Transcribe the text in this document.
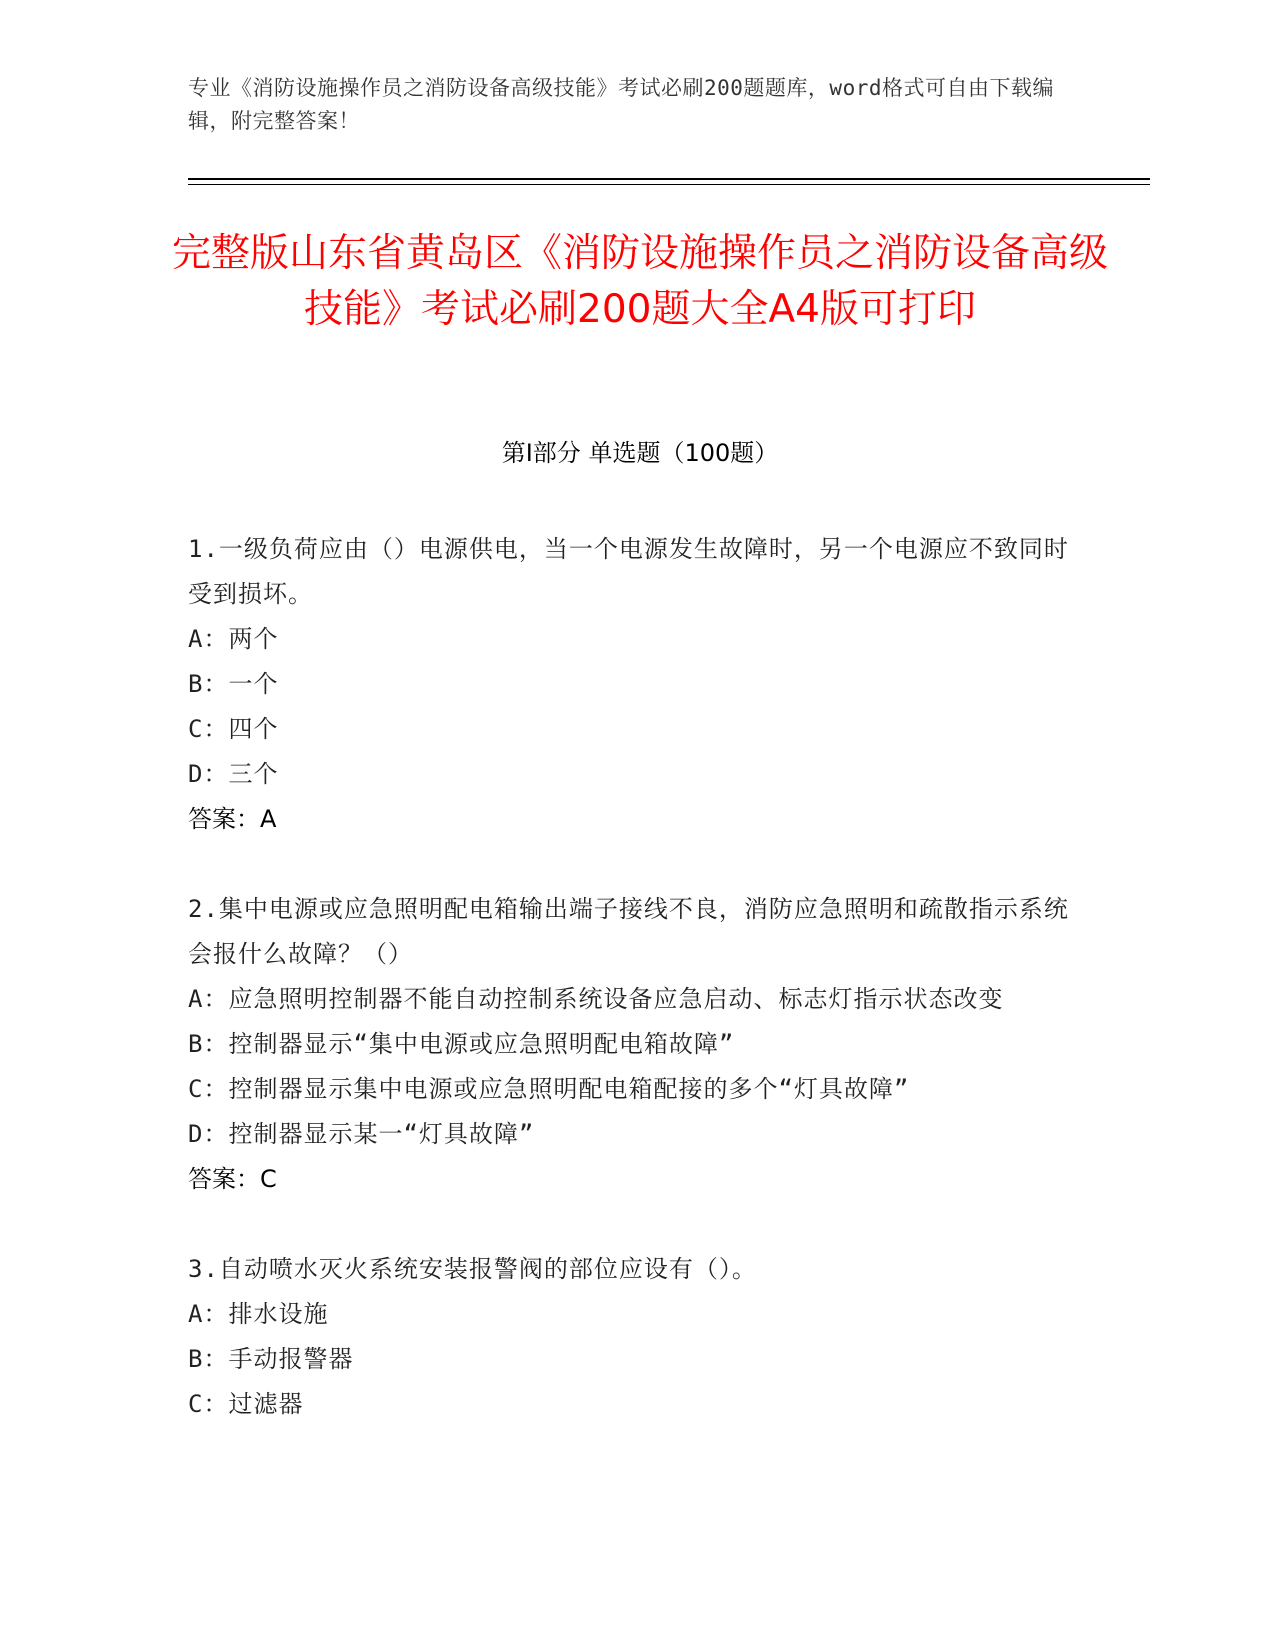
专业《消防设施操作员之消防设备高级技能》考试必刷200题题库，word格式可自由下载编辑，附完整答案！
完整版山东省黄岛区《消防设施操作员之消防设备高级技能》考试必刷200题大全A4版可打印
第I部分 单选题（100题）
1.一级负荷应由（）电源供电，当一个电源发生故障时，另一个电源应不致同时受到损坏。
A：两个
B：一个
C：四个
D：三个
答案：A
2.集中电源或应急照明配电箱输出端子接线不良，消防应急照明和疏散指示系统会报什么故障？（）
A：应急照明控制器不能自动控制系统设备应急启动、标志灯指示状态改变
B：控制器显示“集中电源或应急照明配电箱故障”
C：控制器显示集中电源或应急照明配电箱配接的多个“灯具故障”
D：控制器显示某一“灯具故障”
答案：C
3.自动喷水灭火系统安装报警阀的部位应设有（）。
A：排水设施
B：手动报警器
C：过滤器
